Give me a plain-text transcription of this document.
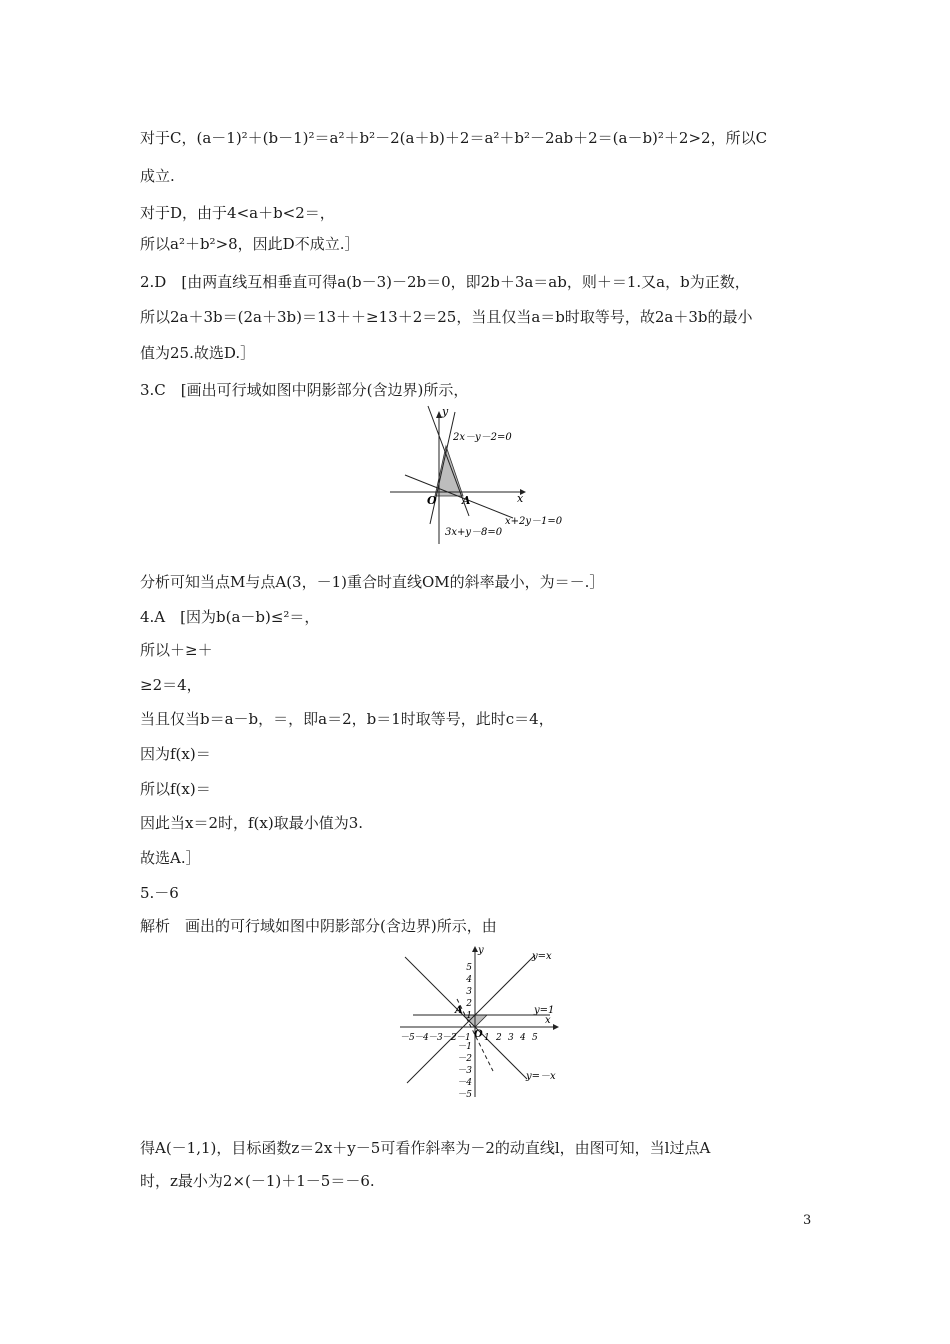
对于C，(a－1)²＋(b－1)²＝a²＋b²－2(a＋b)＋2＝a²＋b²－2ab＋2＝(a－b)²＋2>2，所以C
成立.
对于D，由于4<a＋b<2＝，
所以a²＋b²>8，因此D不成立.］
2.D　[由两直线互相垂直可得a(b－3)－2b＝0，即2b＋3a＝ab，则＋＝1.又a，b为正数，
所以2a＋3b＝(2a＋3b)＝13＋＋≥13＋2＝25，当且仅当a＝b时取等号，故2a＋3b的最小
值为25.故选D.］
3.C　[画出可行域如图中阴影部分(含边界)所示，
y
x
O A
2x－y－2=0
x+2y－1=0
3x+y－8=0
分析可知当点M与点A(3，－1)重合时直线OM的斜率最小，为＝－.］
4.A　[因为b(a－b)≤²＝，
所以＋≥＋
≥2＝4，
当且仅当b＝a－b，＝，即a＝2，b＝1时取等号，此时c＝4，
因为f(x)＝
所以f(x)＝
因此当x＝2时，f(x)取最小值为3.
故选A.］
5.－6
解析　画出的可行域如图中阴影部分(含边界)所示，由
y
x
O
A
y=x
y=1
y=－x
－5 －4 －3 －2 －1 1 2 3 4 5
5
4
3
2
1
－1
－2
－3
－4
－5
得A(－1,1)，目标函数z＝2x＋y－5可看作斜率为－2的动直线l，由图可知，当l过点A
时，z最小为2×(－1)＋1－5＝－6.
3
